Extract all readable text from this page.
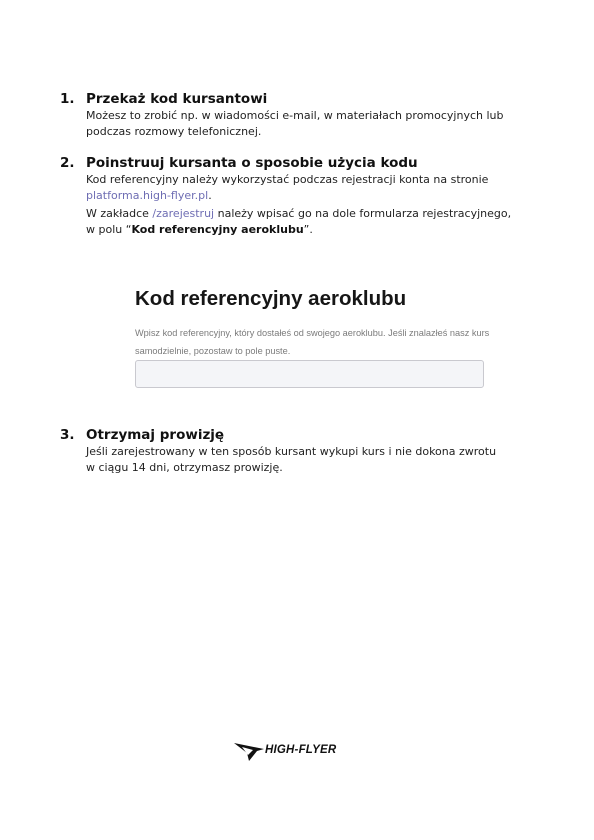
1. Przekaż kod kursantowi
Możesz to zrobić np. w wiadomości e-mail, w materiałach promocyjnych lub
podczas rozmowy telefonicznej.
2. Poinstruuj kursanta o sposobie użycia kodu
Kod referencyjny należy wykorzystać podczas rejestracji konta na stronie
platforma.high-flyer.pl.
W zakładce /zarejestruj należy wpisać go na dole formularza rejestracyjnego,
w polu “Kod referencyjny aeroklubu”.
Kod referencyjny aeroklubu
Wpisz kod referencyjny, który dostałeś od swojego aeroklubu. Jeśli znalazłeś nasz kurs samodzielnie, pozostaw to pole puste.
3. Otrzymaj prowizję
Jeśli zarejestrowany w ten sposób kursant wykupi kurs i nie dokona zwrotu
w ciągu 14 dni, otrzymasz prowizję.
HIGH-FLYER
